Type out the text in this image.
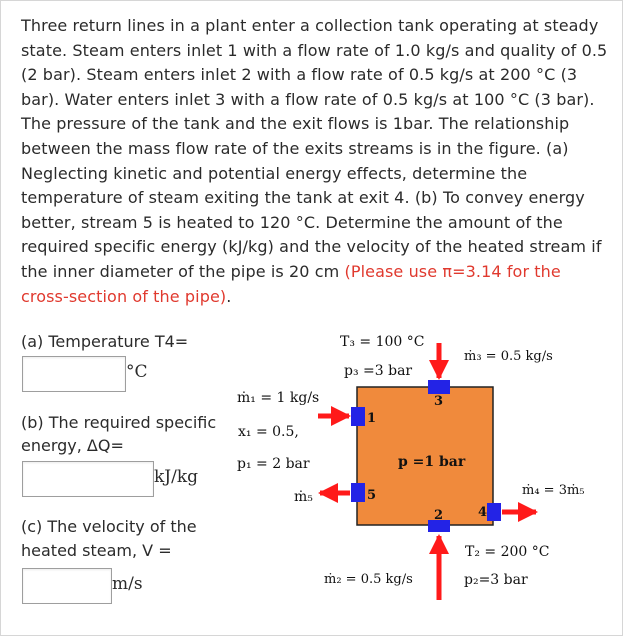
Three return lines in a plant enter a collection tank operating at steady state. Steam enters inlet 1 with a flow rate of 1.0 kg/s and quality of 0.5 (2 bar). Steam enters inlet 2 with a flow rate of 0.5 kg/s at 200 °C (3 bar). Water enters inlet 3 with a flow rate of 0.5 kg/s at 100 °C (3 bar). The pressure of the tank and the exit flows is 1bar. The relationship between the mass flow rate of the exits streams is in the figure. (a) Neglecting kinetic and potential energy effects, determine the temperature of steam exiting the tank at exit 4. (b) To convey energy better, stream 5 is heated to 120 °C. Determine the amount of the required specific energy (kJ/kg) and the velocity of the heated stream if the inner diameter of the pipe is 20 cm (Please use π=3.14 for the cross-section of the pipe).
(a) Temperature T4=
°C
(b) The required specific
energy, ΔQ=
kJ/kg
(c) The velocity of the
heated steam, V =
m/s
3
1
5
4
2
T₃ = 100 °C
p₃ =3 bar
ṁ₃ = 0.5 kg/s
ṁ₁ = 1 kg/s
x₁ = 0.5,
p₁ = 2 bar
ṁ₅
p =1 bar
ṁ₄ = 3ṁ₅
T₂ = 200 °C
ṁ₂ = 0.5 kg/s	p₂=3 bar
